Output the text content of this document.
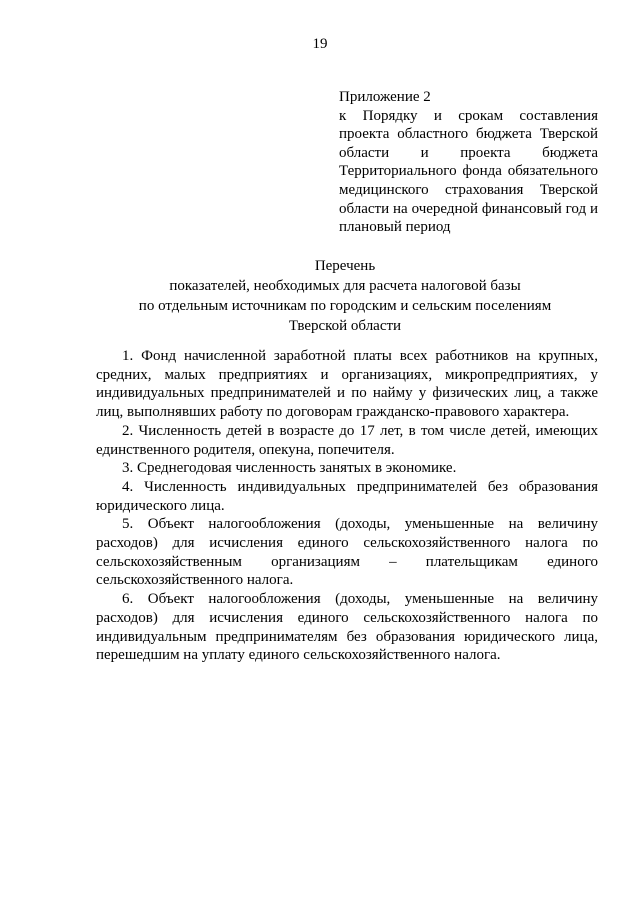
19

Приложение 2

к Порядку и срокам составления проекта областного бюджета Тверской области и проекта бюджета Территориального фонда обязательного медицинского страхования Тверской области на очередной финансовый год и плановый период

Перечень
показателей, необходимых для расчета налоговой базы
по отдельным источникам по городским и сельским поселениям
Тверской области

1. Фонд начисленной заработной платы всех работников на крупных, средних, малых предприятиях и организациях, микропредприятиях, у индивидуальных предпринимателей и по найму у физических лиц, а также лиц, выполнявших работу по договорам гражданско-правового характера.

2. Численность детей в возрасте до 17 лет, в том числе детей, имеющих единственного родителя, опекуна, попечителя.

3. Среднегодовая численность занятых в экономике.

4. Численность индивидуальных предпринимателей без образования юридического лица.

5. Объект налогообложения (доходы, уменьшенные на величину расходов) для исчисления единого сельскохозяйственного налога по сельскохозяйственным организациям – плательщикам единого сельскохозяйственного налога.

6. Объект налогообложения (доходы, уменьшенные на величину расходов) для исчисления единого сельскохозяйственного налога по индивидуальным предпринимателям без образования юридического лица, перешедшим на уплату единого сельскохозяйственного налога.
